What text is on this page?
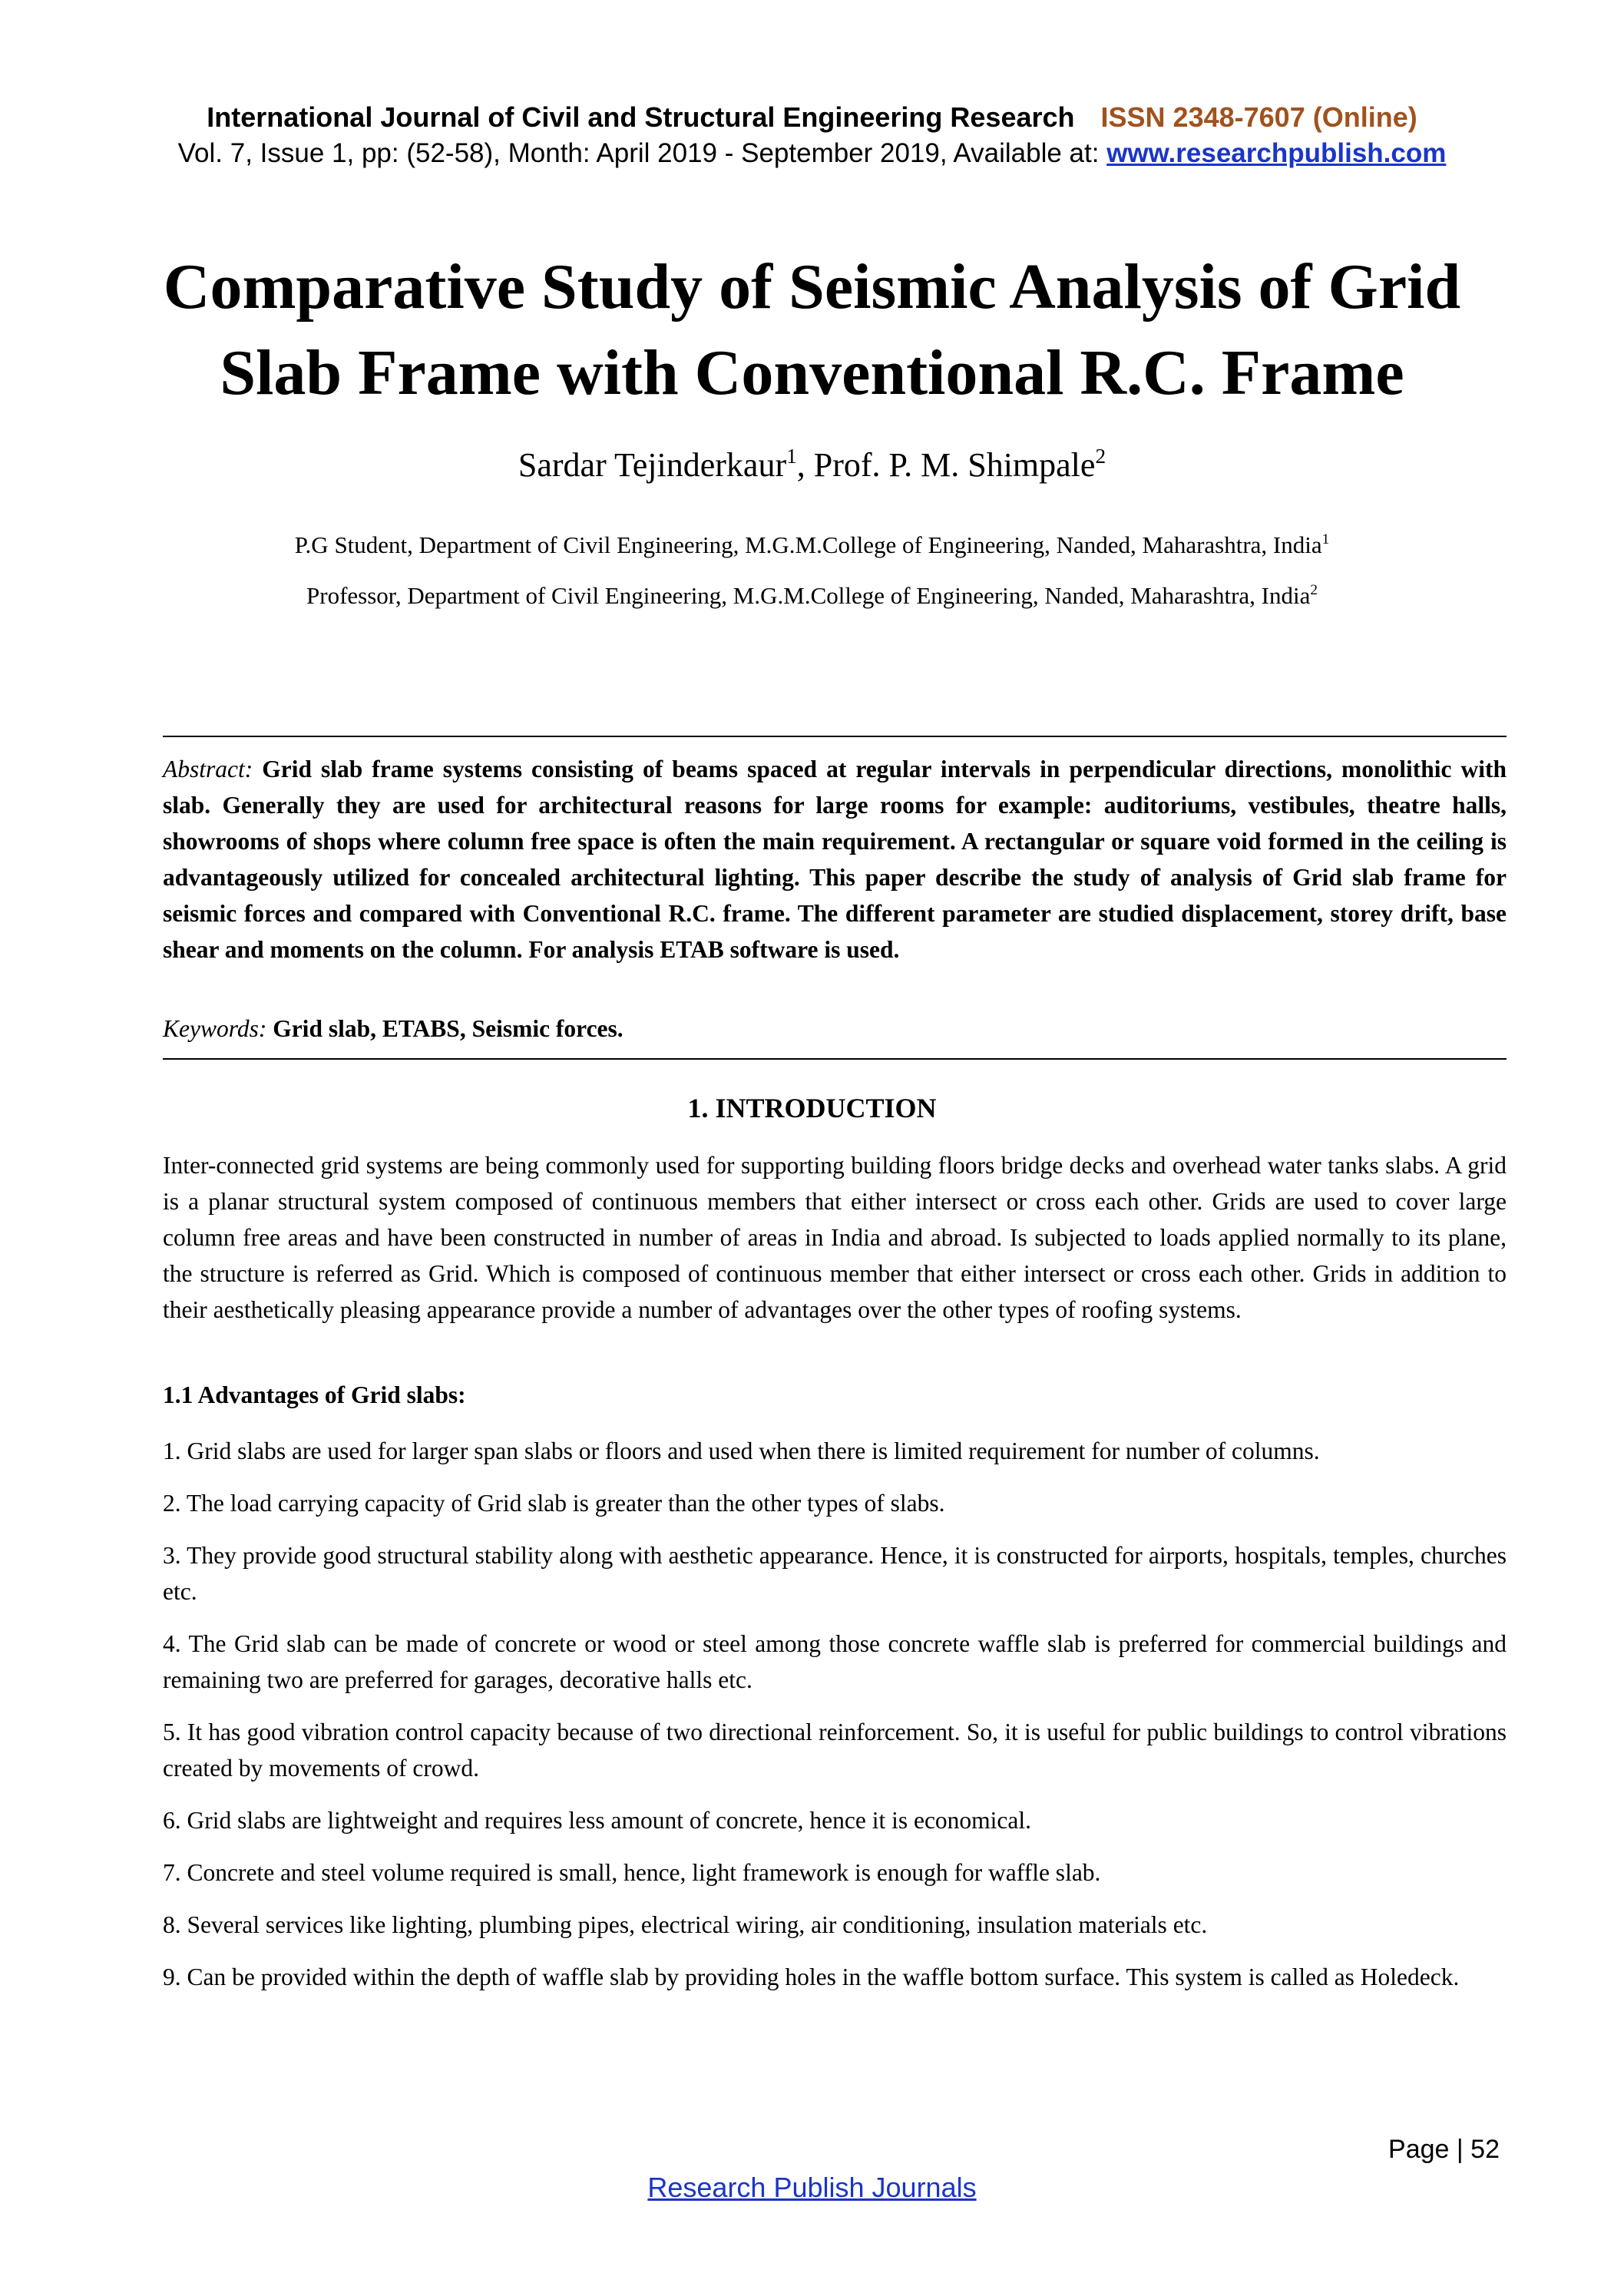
International Journal of Civil and Structural Engineering Research ISSN 2348-7607 (Online)
Vol. 7, Issue 1, pp: (52-58), Month: April 2019 - September 2019, Available at: www.researchpublish.com
Comparative Study of Seismic Analysis of Grid
Slab Frame with Conventional R.C. Frame
Sardar Tejinderkaur$^1$, Prof. P. M. Shimpale$^2$
P.G Student, Department of Civil Engineering, M.G.M.College of Engineering, Nanded, Maharashtra, India$^1$
Professor, Department of Civil Engineering, M.G.M.College of Engineering, Nanded, Maharashtra, India$^2$
Abstract: Grid slab frame systems consisting of beams spaced at regular intervals in perpendicular directions, monolithic with slab. Generally they are used for architectural reasons for large rooms for example: auditoriums, vestibules, theatre halls, showrooms of shops where column free space is often the main requirement. A rectangular or square void formed in the ceiling is advantageously utilized for concealed architectural lighting. This paper describe the study of analysis of Grid slab frame for seismic forces and compared with Conventional R.C. frame. The different parameter are studied displacement, storey drift, base shear and moments on the column. For analysis ETAB software is used.
Keywords: Grid slab, ETABS, Seismic forces.
1. INTRODUCTION
Inter-connected grid systems are being commonly used for supporting building floors bridge decks and overhead water tanks slabs. A grid is a planar structural system composed of continuous members that either intersect or cross each other. Grids are used to cover large column free areas and have been constructed in number of areas in India and abroad. Is subjected to loads applied normally to its plane, the structure is referred as Grid. Which is composed of continuous member that either intersect or cross each other. Grids in addition to their aesthetically pleasing appearance provide a number of advantages over the other types of roofing systems.
1.1 Advantages of Grid slabs:
1. Grid slabs are used for larger span slabs or floors and used when there is limited requirement for number of columns.
2. The load carrying capacity of Grid slab is greater than the other types of slabs.
3. They provide good structural stability along with aesthetic appearance. Hence, it is constructed for airports, hospitals, temples, churches etc.
4. The Grid slab can be made of concrete or wood or steel among those concrete waffle slab is preferred for commercial buildings and remaining two are preferred for garages, decorative halls etc.
5. It has good vibration control capacity because of two directional reinforcement. So, it is useful for public buildings to control vibrations created by movements of crowd.
6. Grid slabs are lightweight and requires less amount of concrete, hence it is economical.
7. Concrete and steel volume required is small, hence, light framework is enough for waffle slab.
8. Several services like lighting, plumbing pipes, electrical wiring, air conditioning, insulation materials etc.
9. Can be provided within the depth of waffle slab by providing holes in the waffle bottom surface. This system is called as Holedeck.
Page | 52
Research Publish Journals
